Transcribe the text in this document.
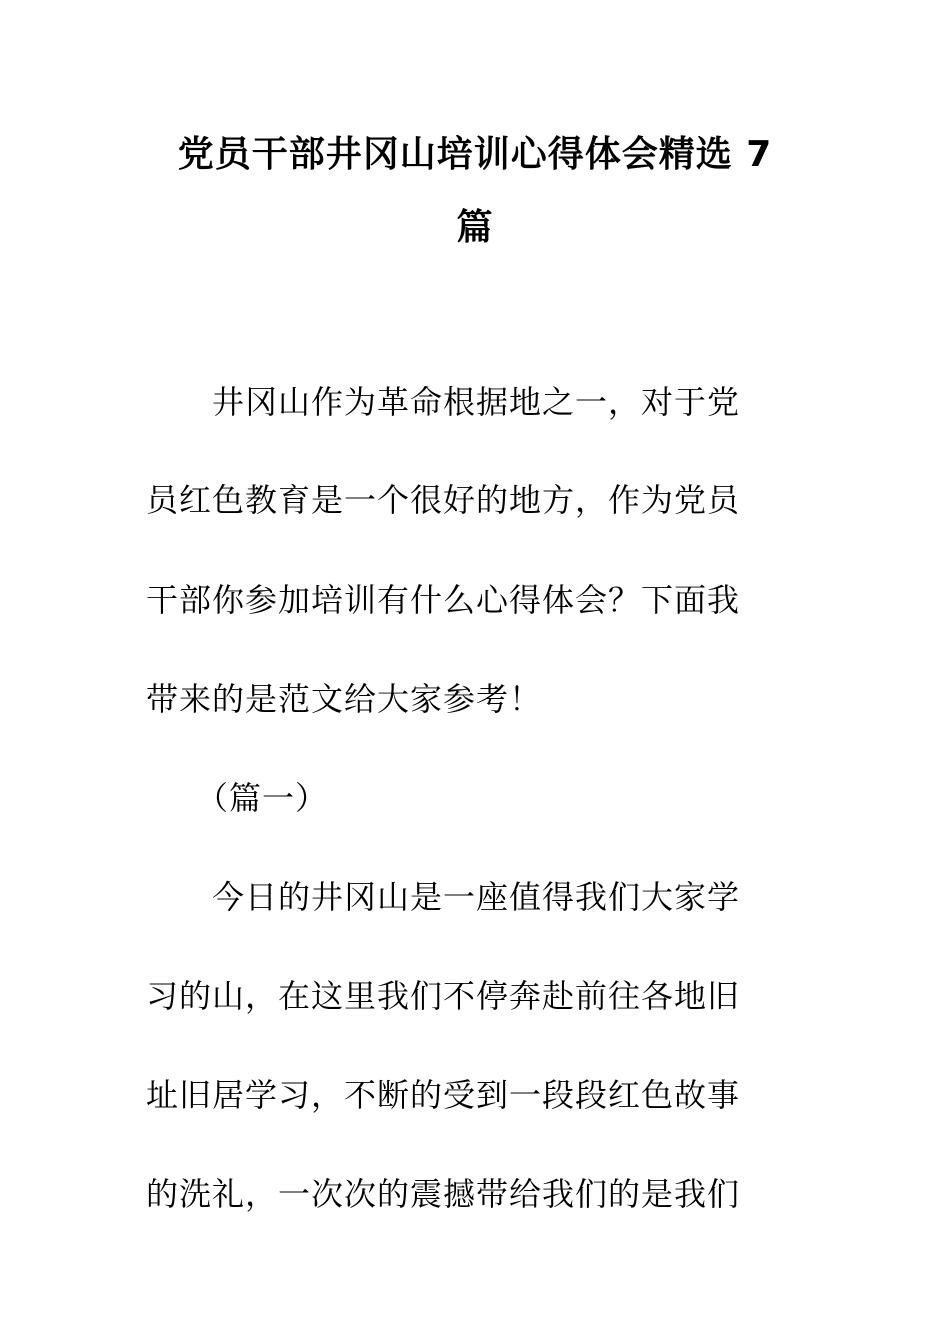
党员干部井冈山培训心得体会精选 7
篇
　　井冈山作为革命根据地之一，对于党
员红色教育是一个很好的地方，作为党员
干部你参加培训有什么心得体会？下面我
带来的是范文给大家参考！
　　（篇一）
　　今日的井冈山是一座值得我们大家学
习的山，在这里我们不停奔赴前往各地旧
址旧居学习，不断的受到一段段红色故事
的洗礼，一次次的震撼带给我们的是我们
